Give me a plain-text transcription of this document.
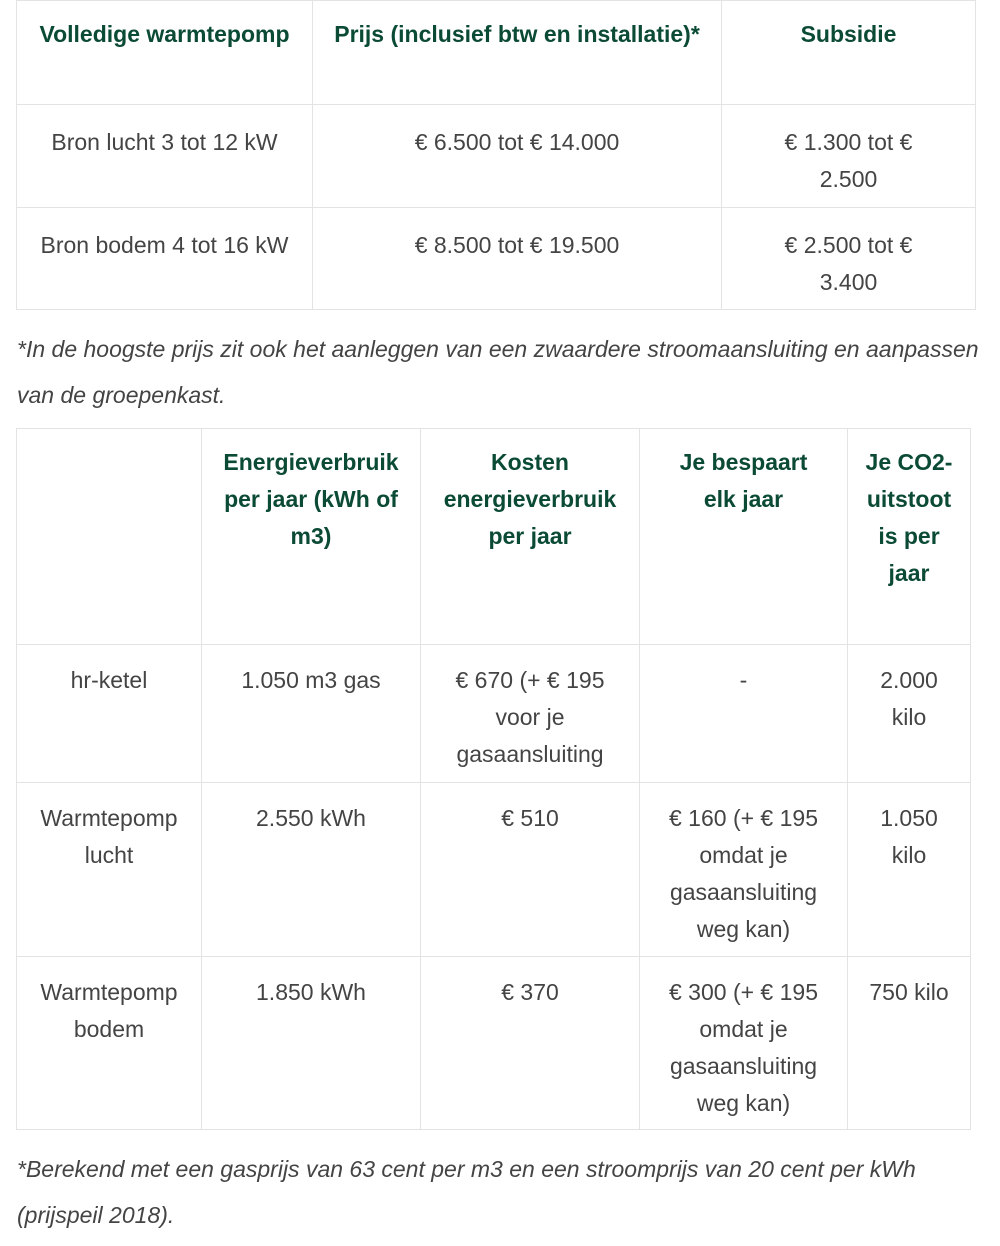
Volledige warmtepomp	Prijs (inclusief btw en installatie)*	Subsidie
Bron lucht 3 tot 12 kW	€ 6.500 tot € 14.000	€ 1.300 tot € 2.500
Bron bodem 4 tot 16 kW	€ 8.500 tot € 19.500	€ 2.500 tot € 3.400

*In de hoogste prijs zit ook het aanleggen van een zwaardere stroomaansluiting en aanpassen van de groepenkast.

	Energieverbruik per jaar (kWh of m3)	Kosten energieverbruik per jaar	Je bespaart elk jaar	Je CO2-uitstoot is per jaar
hr-ketel	1.050 m3 gas	€ 670 (+ € 195 voor je gasaansluiting	-	2.000 kilo
Warmtepomp lucht	2.550 kWh	€ 510	€ 160 (+ € 195 omdat je gasaansluiting weg kan)	1.050 kilo
Warmtepomp bodem	1.850 kWh	€ 370	€ 300 (+ € 195 omdat je gasaansluiting weg kan)	750 kilo

*Berekend met een gasprijs van 63 cent per m3 en een stroomprijs van 20 cent per kWh (prijspeil 2018).
